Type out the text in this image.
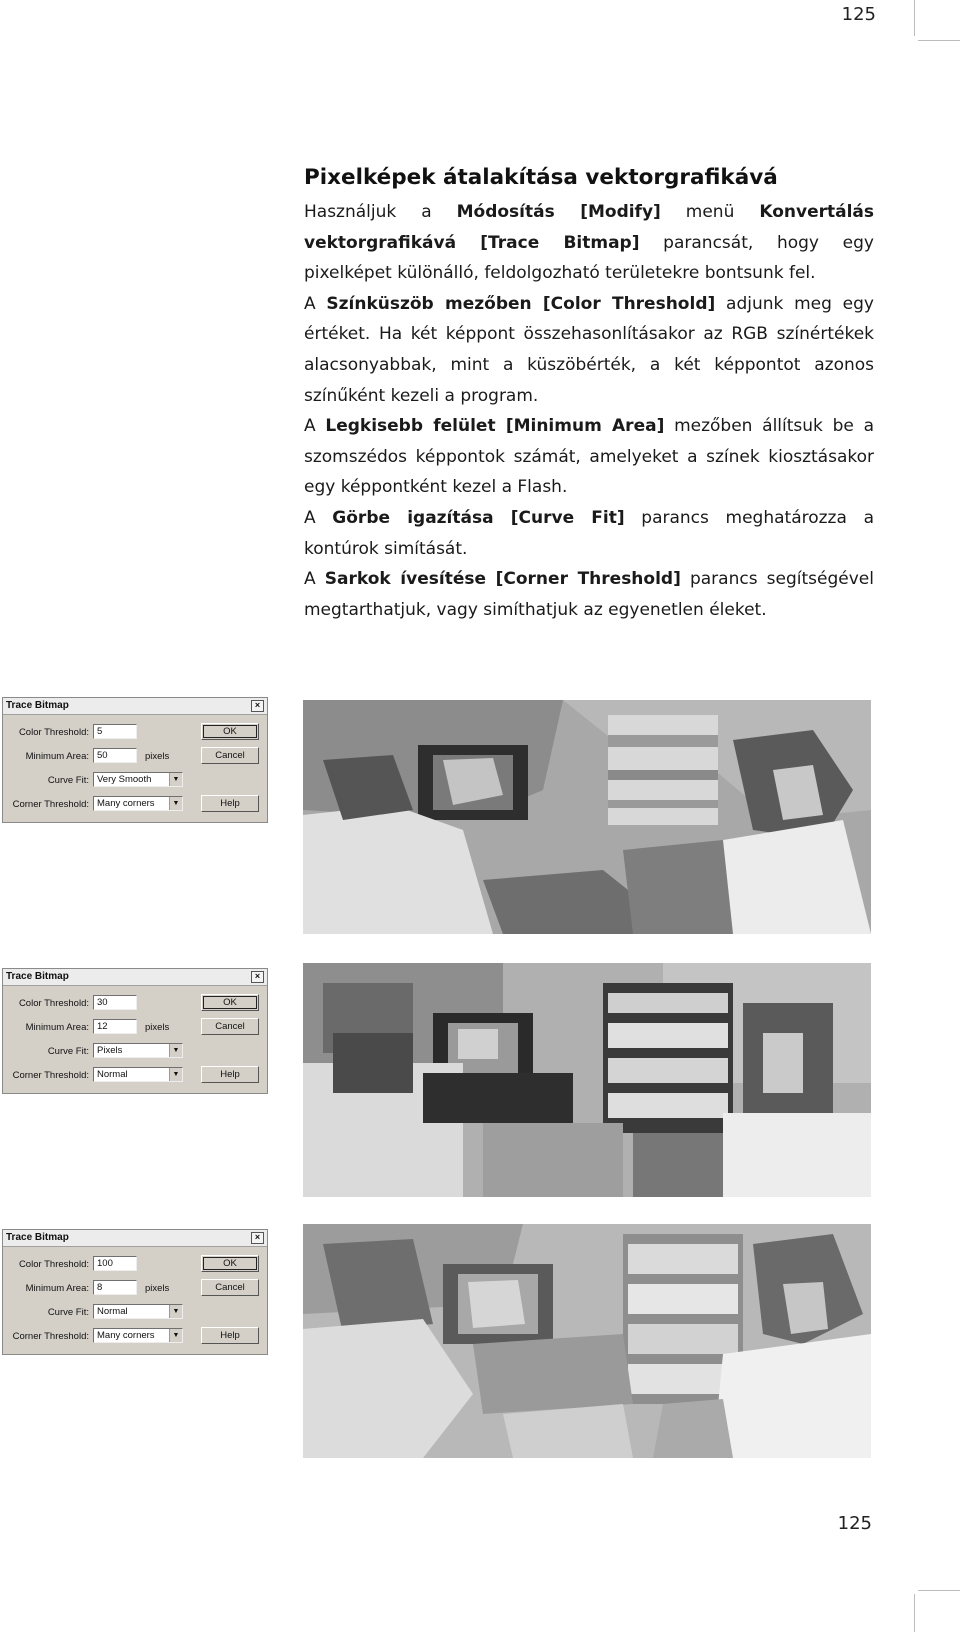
125
Pixelképek átalakítása vektorgrafikává

Használjuk a Módosítás [Modify] menü Konvertálás vektorgrafikává [Trace Bitmap] parancsát, hogy egy pixelképet különálló, feldolgozható területekre bontsunk fel.

A Színküszöb mezőben [Color Threshold] adjunk meg egy értéket. Ha két képpont összehasonlításakor az RGB színértékek alacsonyabbak, mint a küszöbérték, a két képpontot azonos színűként kezeli a program.

A Legkisebb felület [Minimum Area] mezőben állítsuk be a szomszédos képpontok számát, amelyeket a színek kiosztásakor egy képpontként kezel a Flash.

A Görbe igazítása [Curve Fit] parancs meghatározza a kontúrok simítását.

A Sarkok ívesítése [Corner Threshold] parancs segítségével megtarthatjuk, vagy simíthatjuk az egyenetlen éleket.

Trace Bitmap	×
Color Threshold: 5
Minimum Area: 50	pixels
Curve Fit: Very Smooth	▼
Corner Threshold: Many corners	▼
OK
Cancel
Help
Trace Bitmap	×
Color Threshold: 30
Minimum Area: 12	pixels
Curve Fit: Pixels	▼
Corner Threshold: Normal	▼
OK
Cancel
Help
Trace Bitmap	×
Color Threshold: 100
Minimum Area: 8	pixels
Curve Fit: Normal	▼
Corner Threshold: Many corners	▼
OK
Cancel
Help
125
